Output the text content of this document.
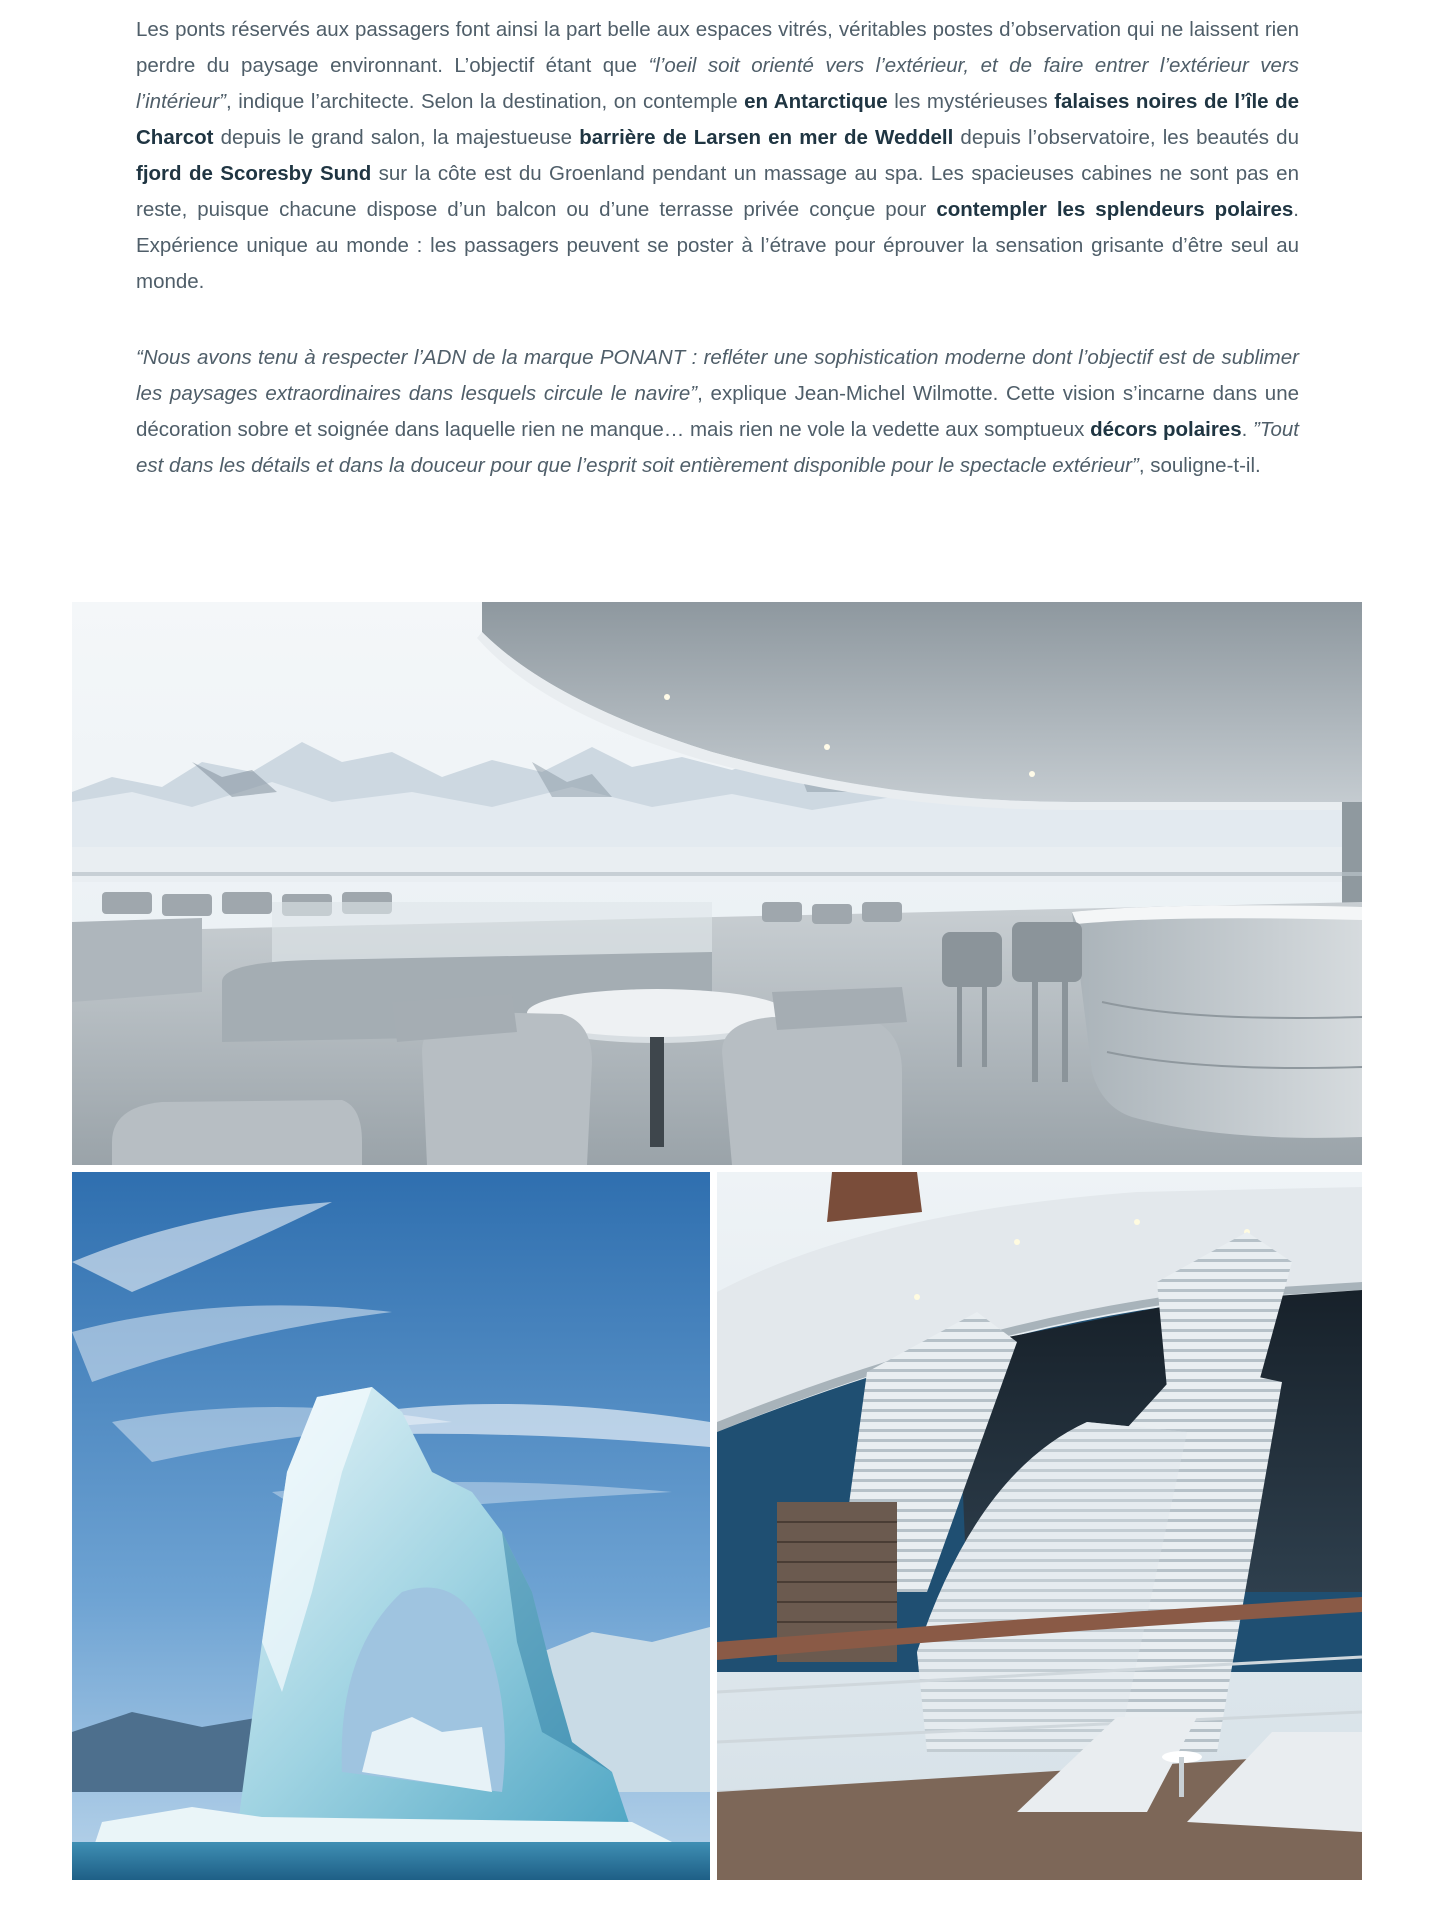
Les ponts réservés aux passagers font ainsi la part belle aux espaces vitrés, véritables postes d’observation qui ne laissent rien perdre du paysage environnant. L’objectif étant que “l’oeil soit orienté vers l’extérieur, et de faire entrer l’extérieur vers l’intérieur”, indique l’architecte. Selon la destination, on contemple en Antarctique les mystérieuses falaises noires de l’île de Charcot depuis le grand salon, la majestueuse barrière de Larsen en mer de Weddell depuis l’observatoire, les beautés du fjord de Scoresby Sund sur la côte est du Groenland pendant un massage au spa. Les spacieuses cabines ne sont pas en reste, puisque chacune dispose d’un balcon ou d’une terrasse privée conçue pour contempler les splendeurs polaires. Expérience unique au monde : les passagers peuvent se poster à l’étrave pour éprouver la sensation grisante d’être seul au monde.
“Nous avons tenu à respecter l’ADN de la marque PONANT : refléter une sophistication moderne dont l’objectif est de sublimer les paysages extraordinaires dans lesquels circule le navire”, explique Jean-Michel Wilmotte. Cette vision s’incarne dans une décoration sobre et soignée dans laquelle rien ne manque… mais rien ne vole la vedette aux somptueux décors polaires. ”Tout est dans les détails et dans la douceur pour que l’esprit soit entièrement disponible pour le spectacle extérieur”, souligne-t-il.
